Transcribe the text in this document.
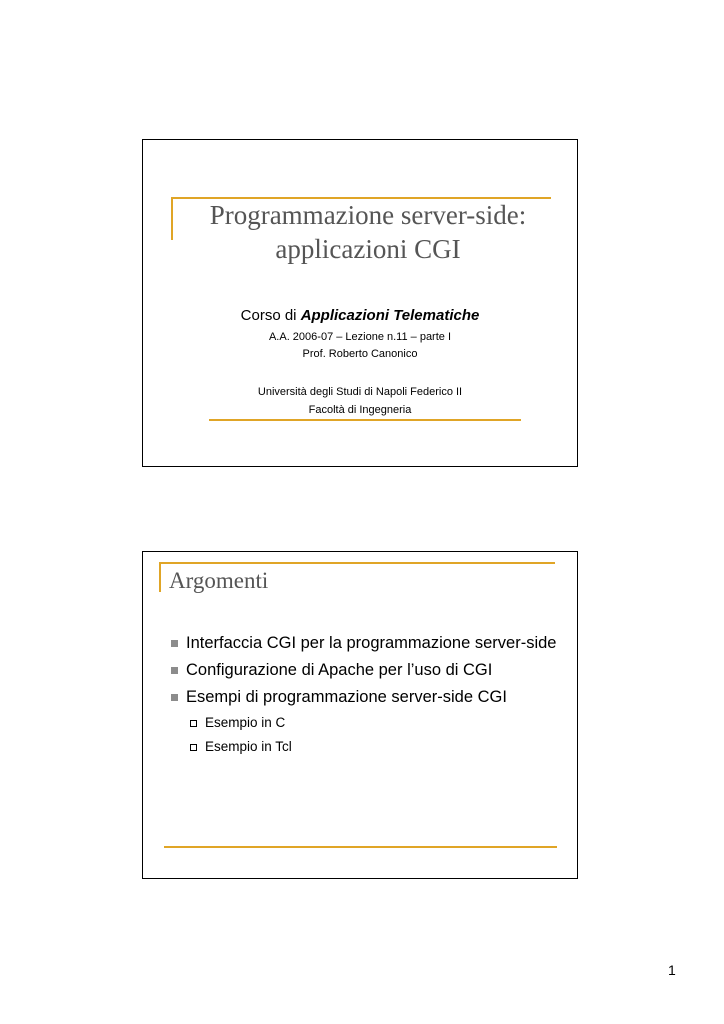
Programmazione server-side:
applicazioni CGI
Corso di Applicazioni Telematiche
A.A. 2006-07 – Lezione n.11 – parte I
Prof. Roberto Canonico
Università degli Studi di Napoli Federico II
Facoltà di Ingegneria
Argomenti
Interfaccia CGI per la programmazione server-side
Configurazione di Apache per l’uso di CGI
Esempi di programmazione server-side CGI
Esempio in C
Esempio in Tcl
1
